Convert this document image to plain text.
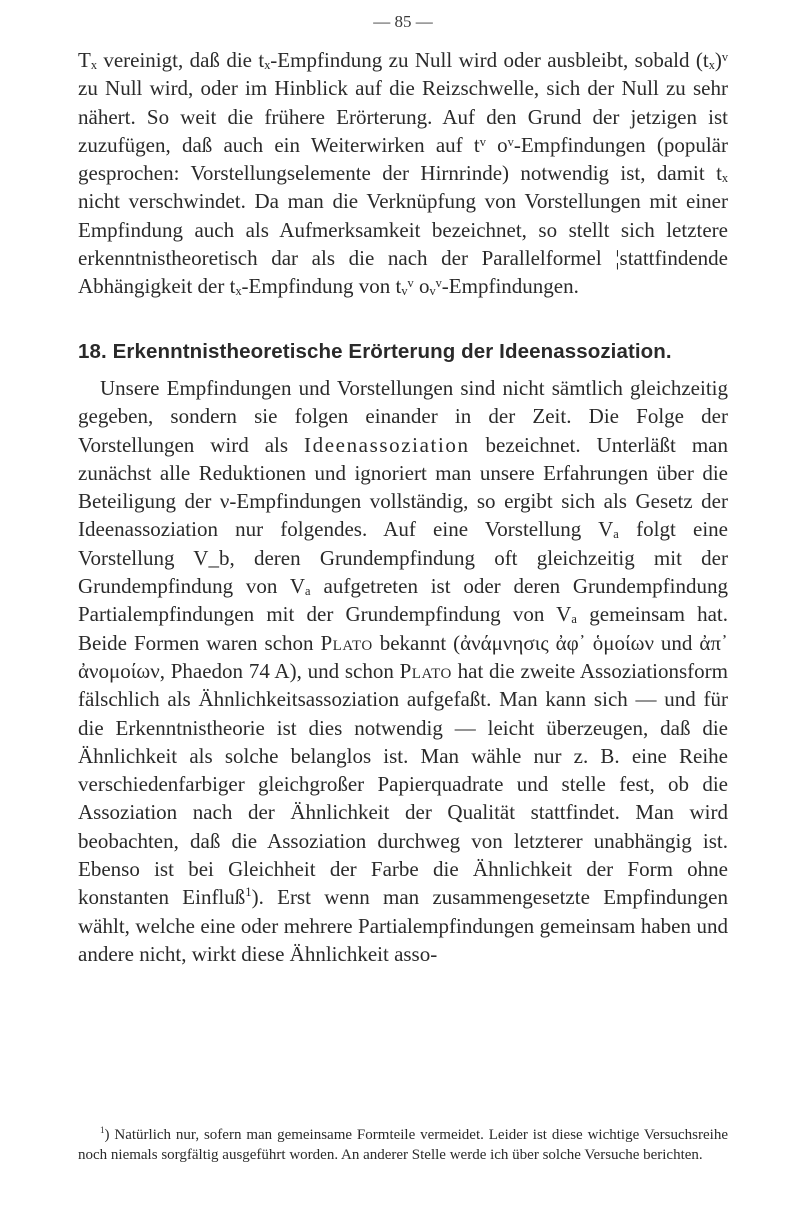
— 85 —

Tₓ vereinigt, daß die tₓ-Empfindung zu Null wird oder ausbleibt, sobald (tₓ)ᵛ zu Null wird, oder im Hinblick auf die Reizschwelle, sich der Null zu sehr nähert. So weit die frühere Erörterung. Auf den Grund der jetzigen ist zuzufügen, daß auch ein Weiterwirken auf tᵛ oᵛ-Empfindungen (populär gesprochen: Vorstellungselemente der Hirnrinde) notwendig ist, damit tₓ nicht verschwindet. Da man die Verknüpfung von Vorstellungen mit einer Empfindung auch als Aufmerksamkeit bezeichnet, so stellt sich letztere erkenntnistheoretisch dar als die nach der Parallelformel ¦stattfindende Abhängigkeit der tₓ-Empfindung von tᵥᵛ oᵥᵛ-Empfindungen.

18. Erkenntnistheoretische Erörterung der Ideenassoziation.

Unsere Empfindungen und Vorstellungen sind nicht sämtlich gleichzeitig gegeben, sondern sie folgen einander in der Zeit. Die Folge der Vorstellungen wird als Ideenassoziation bezeichnet. Unterläßt man zunächst alle Reduktionen und ignoriert man unsere Erfahrungen über die Beteiligung der ν-Empfindungen vollständig, so ergibt sich als Gesetz der Ideenassoziation nur folgendes. Auf eine Vorstellung Vₐ folgt eine Vorstellung V_b, deren Grundempfindung oft gleichzeitig mit der Grundempfindung von Vₐ aufgetreten ist oder deren Grundempfindung Partialempfindungen mit der Grundempfindung von Vₐ gemeinsam hat. Beide Formen waren schon Plato bekannt (ἀνάμνησις ἀφ᾽ ὁμοίων und ἀπ᾽ ἀνομοίων, Phaedon 74 A), und schon Plato hat die zweite Assoziationsform fälschlich als Ähnlichkeitsassoziation aufgefaßt. Man kann sich — und für die Erkenntnistheorie ist dies notwendig — leicht überzeugen, daß die Ähnlichkeit als solche belanglos ist. Man wähle nur z. B. eine Reihe verschiedenfarbiger gleichgroßer Papierquadrate und stelle fest, ob die Assoziation nach der Ähnlichkeit der Qualität stattfindet. Man wird beobachten, daß die Assoziation durchweg von letzterer unabhängig ist. Ebenso ist bei Gleichheit der Farbe die Ähnlichkeit der Form ohne konstanten Einfluß$^1$). Erst wenn man zusammengesetzte Empfindungen wählt, welche eine oder mehrere Partialempfindungen gemeinsam haben und andere nicht, wirkt diese Ähnlichkeit asso-

$^1$) Natürlich nur, sofern man gemeinsame Formteile vermeidet. Leider ist diese wichtige Versuchsreihe noch niemals sorgfältig ausgeführt worden. An anderer Stelle werde ich über solche Versuche berichten.
